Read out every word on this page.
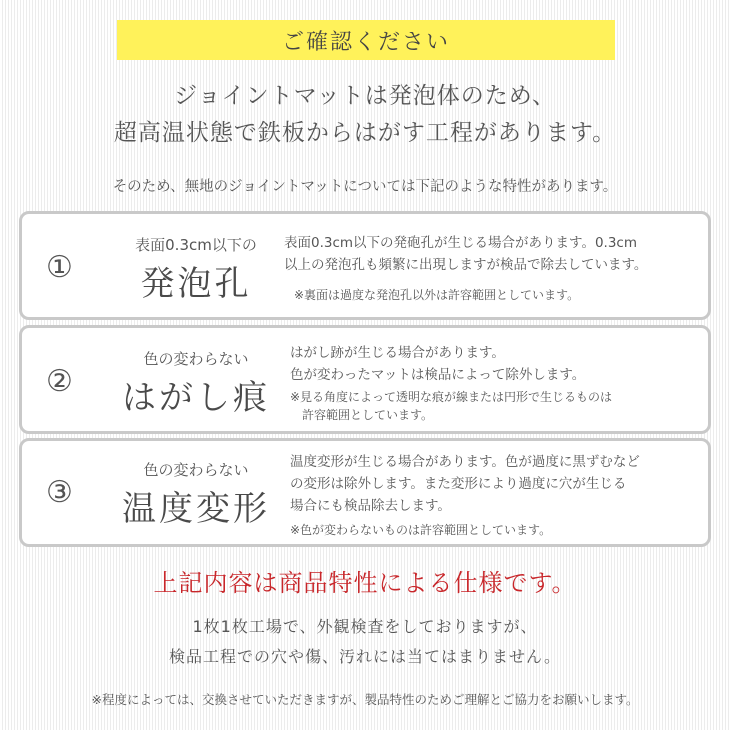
ご確認ください
ジョイントマットは発泡体のため、
超高温状態で鉄板からはがす工程があります。
そのため、無地のジョイントマットについては下記のような特性があります。
①
表面0.3cm以下の
発泡孔

表面0.3cm以下の発砲孔が生じる場合があります。0.3cm

以上の発泡孔も頻繁に出現しますが検品で除去しています。

※裏面は過度な発泡孔以外は許容範囲としています。
②
色の変わらない
はがし痕

はがし跡が生じる場合があります。

色が変わったマットは検品によって除外します。

※見る角度によって透明な痕が線または円形で生じるものは
　許容範囲としています。
③
色の変わらない
温度変形

温度変形が生じる場合があります。色が過度に黒ずむなど

の変形は除外します。また変形により過度に穴が生じる

場合にも検品除去します。

※色が変わらないものは許容範囲としています。
上記内容は商品特性による仕様です。
1枚1枚工場で、外観検査をしておりますが、
検品工程での穴や傷、汚れには当てはまりません。
※程度によっては、交換させていただきますが、製品特性のためご理解とご協力をお願いします。
